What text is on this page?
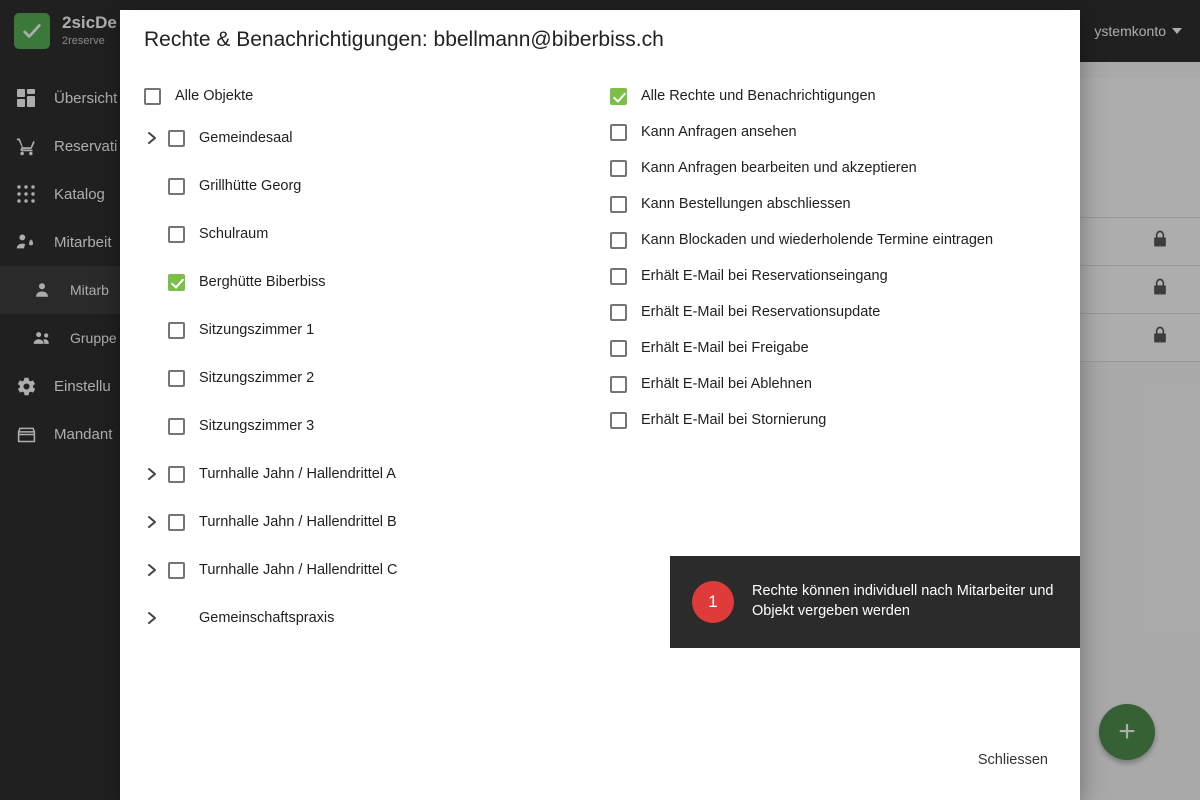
2sicDe
2reserve
Übersicht
Reservati
Katalog
Mitarbeit
Mitarb
Gruppe
Einstellu
Mandant
ystemkonto
+
Rechte & Benachrichtigungen: bbellmann@biberbiss.ch
Alle Objekte
Gemeindesaal
Grillhütte Georg
Schulraum
Berghütte Biberbiss
Sitzungszimmer 1
Sitzungszimmer 2
Sitzungszimmer 3
Turnhalle Jahn / Hallendrittel A
Turnhalle Jahn / Hallendrittel B
Turnhalle Jahn / Hallendrittel C
Gemeinschaftspraxis
Alle Rechte und Benachrichtigungen
Kann Anfragen ansehen
Kann Anfragen bearbeiten und akzeptieren
Kann Bestellungen abschliessen
Kann Blockaden und wiederholende Termine eintragen
Erhält E-Mail bei Reservationseingang
Erhält E-Mail bei Reservationsupdate
Erhält E-Mail bei Freigabe
Erhält E-Mail bei Ablehnen
Erhält E-Mail bei Stornierung
1
Rechte können individuell nach Mitarbeiter und Objekt vergeben werden
Schliessen
